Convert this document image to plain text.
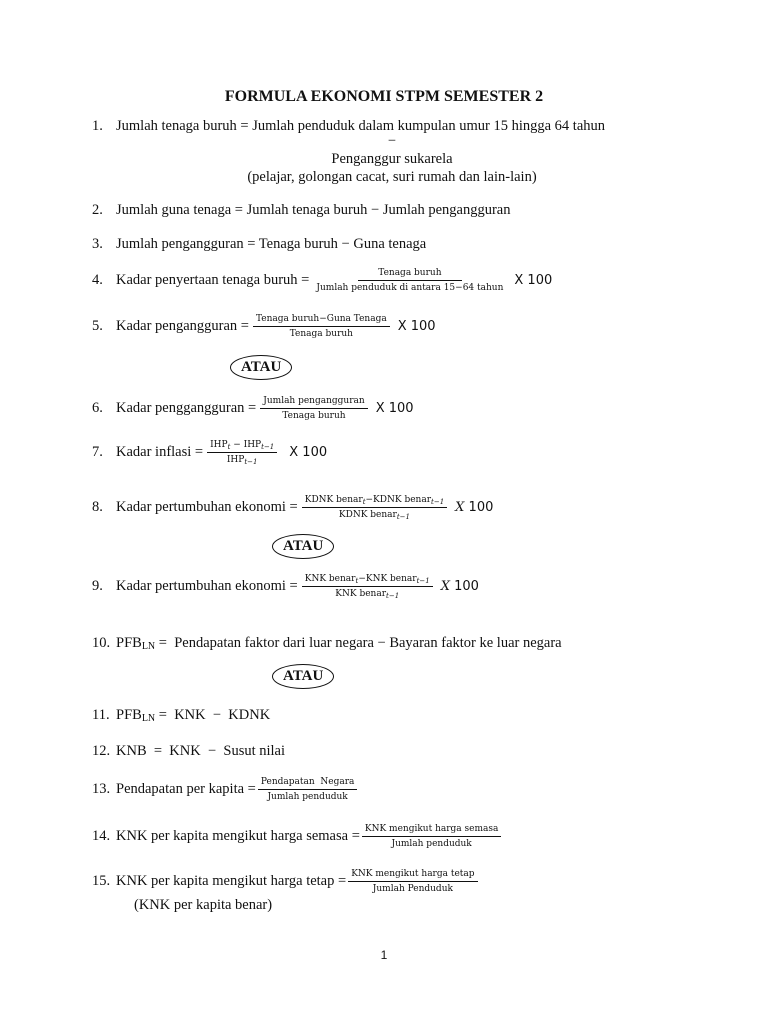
FORMULA EKONOMI STPM SEMESTER 2
1. Jumlah tenaga buruh = Jumlah penduduk dalam kumpulan umur 15 hingga 64 tahun
−
Penganggur sukarela
(pelajar, golongan cacat, suri rumah dan lain-lain)
2. Jumlah guna tenaga = Jumlah tenaga buruh − Jumlah pengangguran
3. Jumlah pengangguran = Tenaga buruh − Guna tenaga
4. Kadar penyertaan tenaga buruh = $\frac{\text{Tenaga buruh}}{\text{Jumlah penduduk di antara 15−64 tahun}}$ X 100
5. Kadar pengangguran = $\frac{\text{Tenaga buruh−Guna Tenaga}}{\text{Tenaga buruh}}$ X 100
ATAU
6. Kadar penggangguran = $\frac{\text{Jumlah pengangguran}}{\text{Tenaga buruh}}$ X 100
7. Kadar inflasi = $\frac{IHP_t - IHP_{t-1}}{IHP_{t-1}}$ X 100
8. Kadar pertumbuhan ekonomi = $\frac{KDNK benar_t-KDNK benar_{t-1}}{KDNK benar_{t-1}}$ X 100
ATAU
9. Kadar pertumbuhan ekonomi = $\frac{KNK benar_t-KNK benar_{t-1}}{KNK benar_{t-1}}$ X 100
10. PFB LN =  Pendapatan faktor dari luar negara − Bayaran faktor ke luar negara
ATAU
11. PFB LN =  KNK  −  KDNK
12. KNB  =  KNK  −  Susut nilai
13. Pendapatan per kapita = $\frac{\text{Pendapatan  Negara}}{\text{Jumlah penduduk}}$
14. KNK per kapita mengikut harga semasa = $\frac{\text{KNK mengikut harga semasa}}{\text{Jumlah penduduk}}$
15. KNK per kapita mengikut harga tetap = $\frac{\text{KNK mengikut harga tetap}}{\text{Jumlah Penduduk}}$
(KNK per kapita benar)
1
